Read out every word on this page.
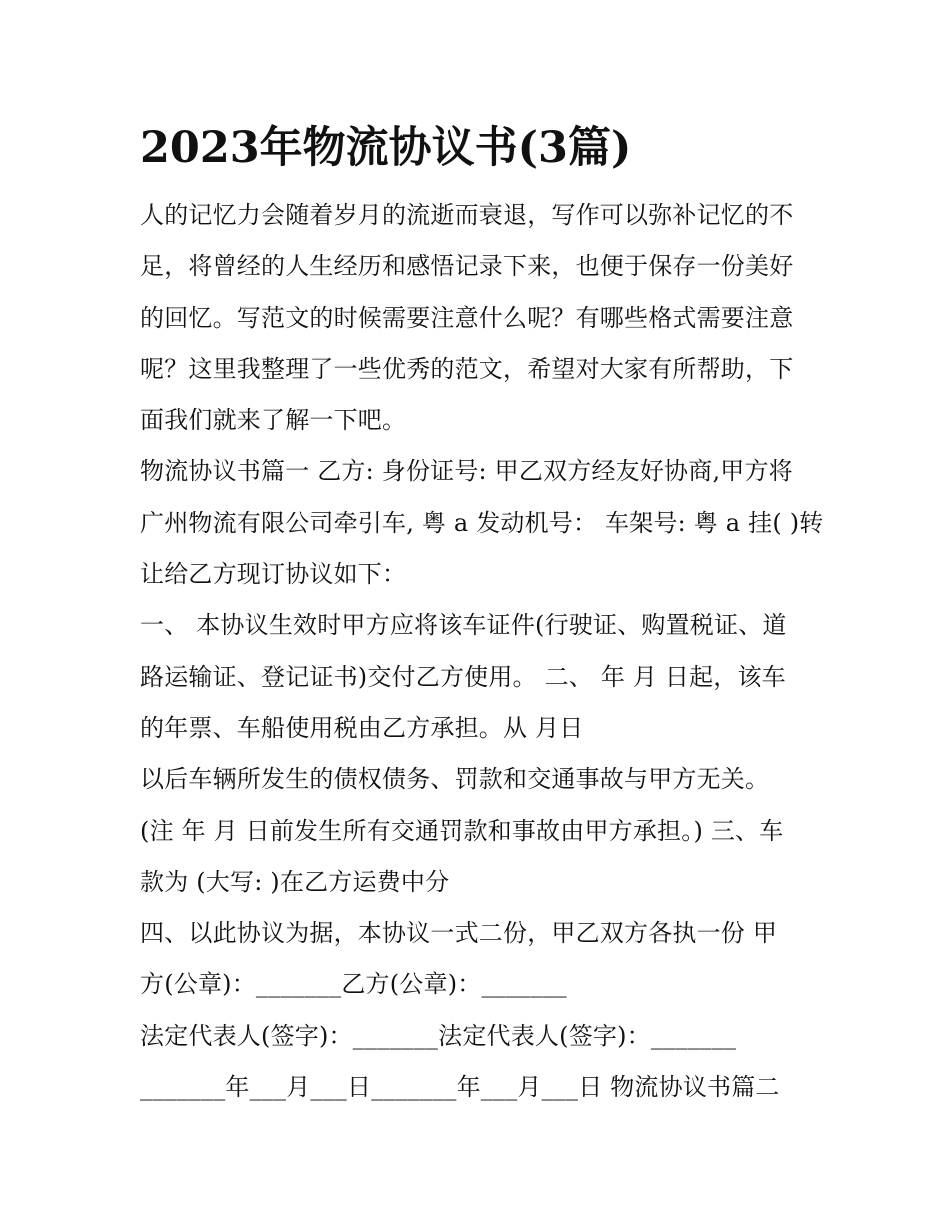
2023年物流协议书(3篇)
人的记忆力会随着岁月的流逝而衰退，写作可以弥补记忆的不
足，将曾经的人生经历和感悟记录下来，也便于保存一份美好
的回忆。写范文的时候需要注意什么呢？有哪些格式需要注意
呢？这里我整理了一些优秀的范文，希望对大家有所帮助，下
面我们就来了解一下吧。
物流协议书篇一 乙方: 身份证号: 甲乙双方经友好协商,甲方将
广州物流有限公司牵引车, 粤 a 发动机号： 车架号: 粤 a 挂( )转
让给乙方现订协议如下：
一、 本协议生效时甲方应将该车证件(行驶证、购置税证、道
路运输证、登记证书)交付乙方使用。 二、 年 月 日起，该车
的年票、车船使用税由乙方承担。从 月日
以后车辆所发生的债权债务、罚款和交通事故与甲方无关。
(注 年 月 日前发生所有交通罚款和事故由甲方承担。) 三、车
款为 (大写: )在乙方运费中分
四、以此协议为据，本协议一式二份，甲乙双方各执一份 甲
方(公章)：_______乙方(公章)：_______
法定代表人(签字)：_______法定代表人(签字)：_______
_______年___月___日_______年___月___日 物流协议书篇二
